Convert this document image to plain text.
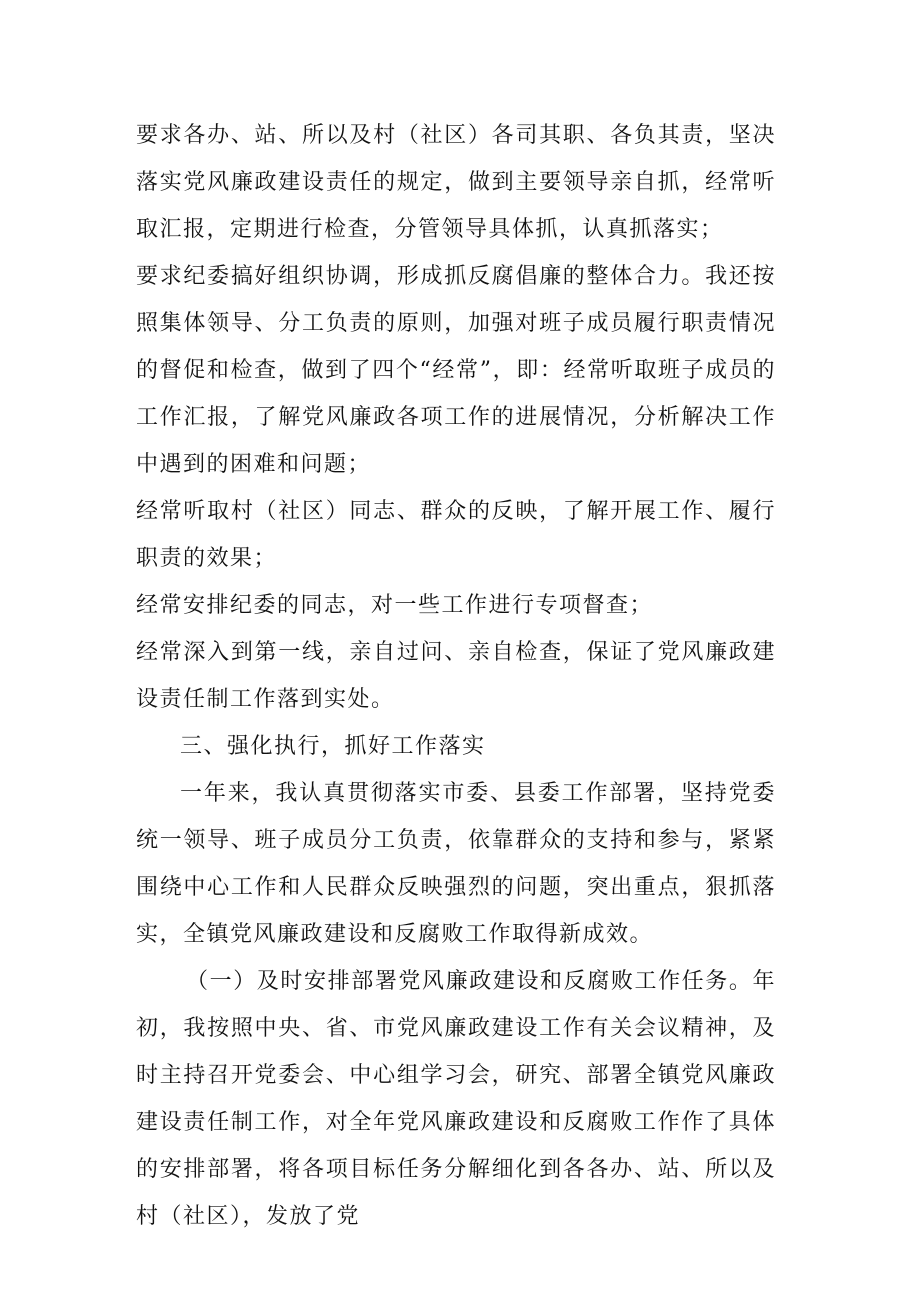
要求各办、站、所以及村（社区）各司其职、各负其责，坚决落实党风廉政建设责任的规定，做到主要领导亲自抓，经常听取汇报，定期进行检查，分管领导具体抓，认真抓落实；

要求纪委搞好组织协调，形成抓反腐倡廉的整体合力。我还按照集体领导、分工负责的原则，加强对班子成员履行职责情况的督促和检查，做到了四个“经常”，即：经常听取班子成员的工作汇报，了解党风廉政各项工作的进展情况，分析解决工作中遇到的困难和问题；

经常听取村（社区）同志、群众的反映，了解开展工作、履行职责的效果；

经常安排纪委的同志，对一些工作进行专项督查；

经常深入到第一线，亲自过问、亲自检查，保证了党风廉政建设责任制工作落到实处。

三、强化执行，抓好工作落实

一年来，我认真贯彻落实市委、县委工作部署，坚持党委统一领导、班子成员分工负责，依靠群众的支持和参与，紧紧围绕中心工作和人民群众反映强烈的问题，突出重点，狠抓落实，全镇党风廉政建设和反腐败工作取得新成效。

（一）及时安排部署党风廉政建设和反腐败工作任务。年初，我按照中央、省、市党风廉政建设工作有关会议精神，及时主持召开党委会、中心组学习会，研究、部署全镇党风廉政建设责任制工作，对全年党风廉政建设和反腐败工作作了具体的安排部署，将各项目标任务分解细化到各各办、站、所以及村（社区），发放了党
